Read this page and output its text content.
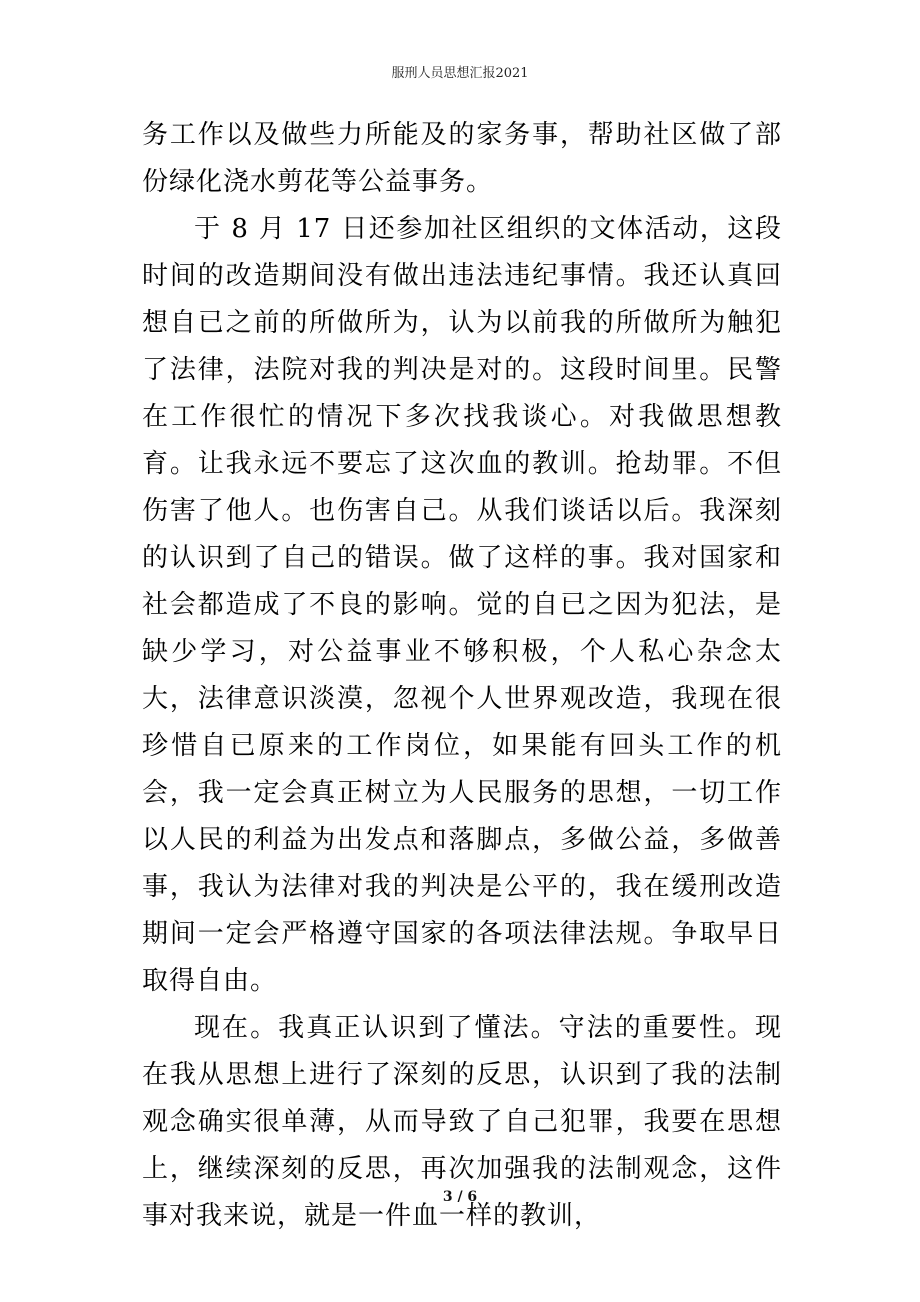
服刑人员思想汇报2021

务工作以及做些力所能及的家务事，帮助社区做了部份绿化浇水剪花等公益事务。

于 8 月 17 日还参加社区组织的文体活动，这段时间的改造期间没有做出违法违纪事情。我还认真回想自已之前的所做所为，认为以前我的所做所为触犯了法律，法院对我的判决是对的。这段时间里。民警在工作很忙的情况下多次找我谈心。对我做思想教育。让我永远不要忘了这次血的教训。抢劫罪。不但伤害了他人。也伤害自己。从我们谈话以后。我深刻的认识到了自己的错误。做了这样的事。我对国家和社会都造成了不良的影响。觉的自已之因为犯法，是缺少学习，对公益事业不够积极，个人私心杂念太大，法律意识淡漠，忽视个人世界观改造，我现在很珍惜自已原来的工作岗位，如果能有回头工作的机会，我一定会真正树立为人民服务的思想，一切工作以人民的利益为出发点和落脚点，多做公益，多做善事，我认为法律对我的判决是公平的，我在缓刑改造期间一定会严格遵守国家的各项法律法规。争取早日取得自由。

现在。我真正认识到了懂法。守法的重要性。现在我从思想上进行了深刻的反思，认识到了我的法制观念确实很单薄，从而导致了自己犯罪，我要在思想上，继续深刻的反思，再次加强我的法制观念，这件事对我来说，就是一件血一样的教训，

3 / 6
